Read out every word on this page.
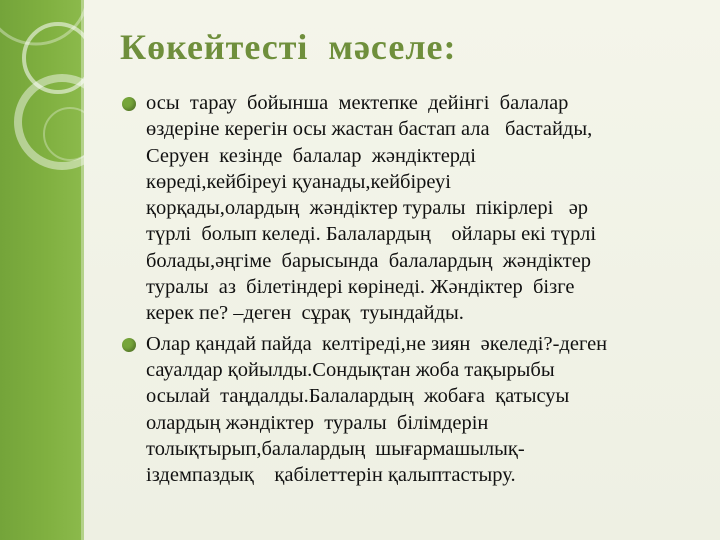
Көкейтесті  мәселе:
осы  тарау  бойынша  мектепке  дейінгі  балалар
өздеріне керегін осы жастан бастап ала   бастайды,
Серуен  кезінде  балалар  жәндіктерді
көреді,кейбіреуі қуанады,кейбіреуі
қорқады,олардың  жәндіктер туралы  пікірлері   әр
түрлі  болып келеді. Балалардың    ойлары екі түрлі
болады,әңгіме  барысында  балалардың  жәндіктер
туралы  аз  білетіндері көрінеді. Жәндіктер  бізге
керек пе? –деген  сұрақ  туындайды.
Олар қандай пайда  келтіреді,не зиян  әкеледі?-деген
сауалдар қойылды.Сондықтан жоба тақырыбы
осылай  таңдалды.Балалардың  жобаға  қатысуы
олардың жәндіктер  туралы  білімдерін
толықтырып,балалардың  шығармашылық-
іздемпаздық    қабілеттерін қалыптастыру.
